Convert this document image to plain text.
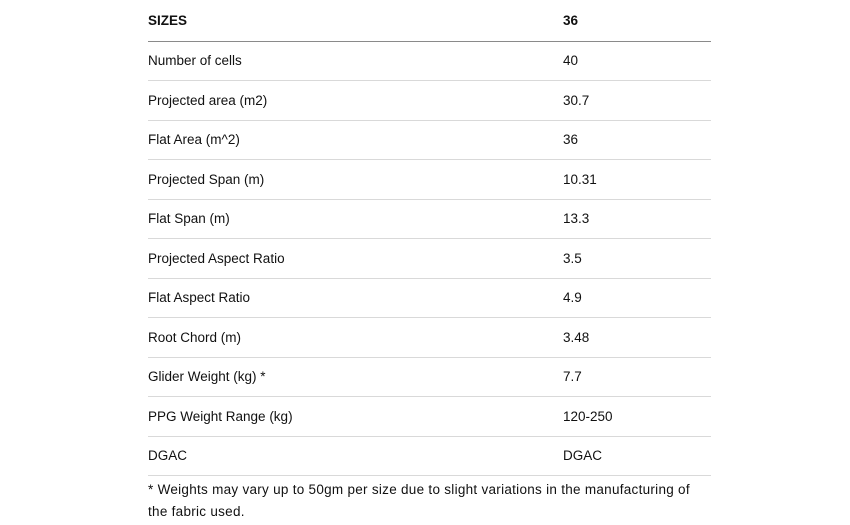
SIZES	36
Number of cells	40
Projected area (m2)	30.7
Flat Area (m^2)	36
Projected Span (m)	10.31
Flat Span (m)	13.3
Projected Aspect Ratio	3.5
Flat Aspect Ratio	4.9
Root Chord (m)	3.48
Glider Weight (kg) *	7.7
PPG Weight Range (kg)	120-250
DGAC	DGAC

* Weights may vary up to 50gm per size due to slight variations in the manufacturing of the fabric used.
